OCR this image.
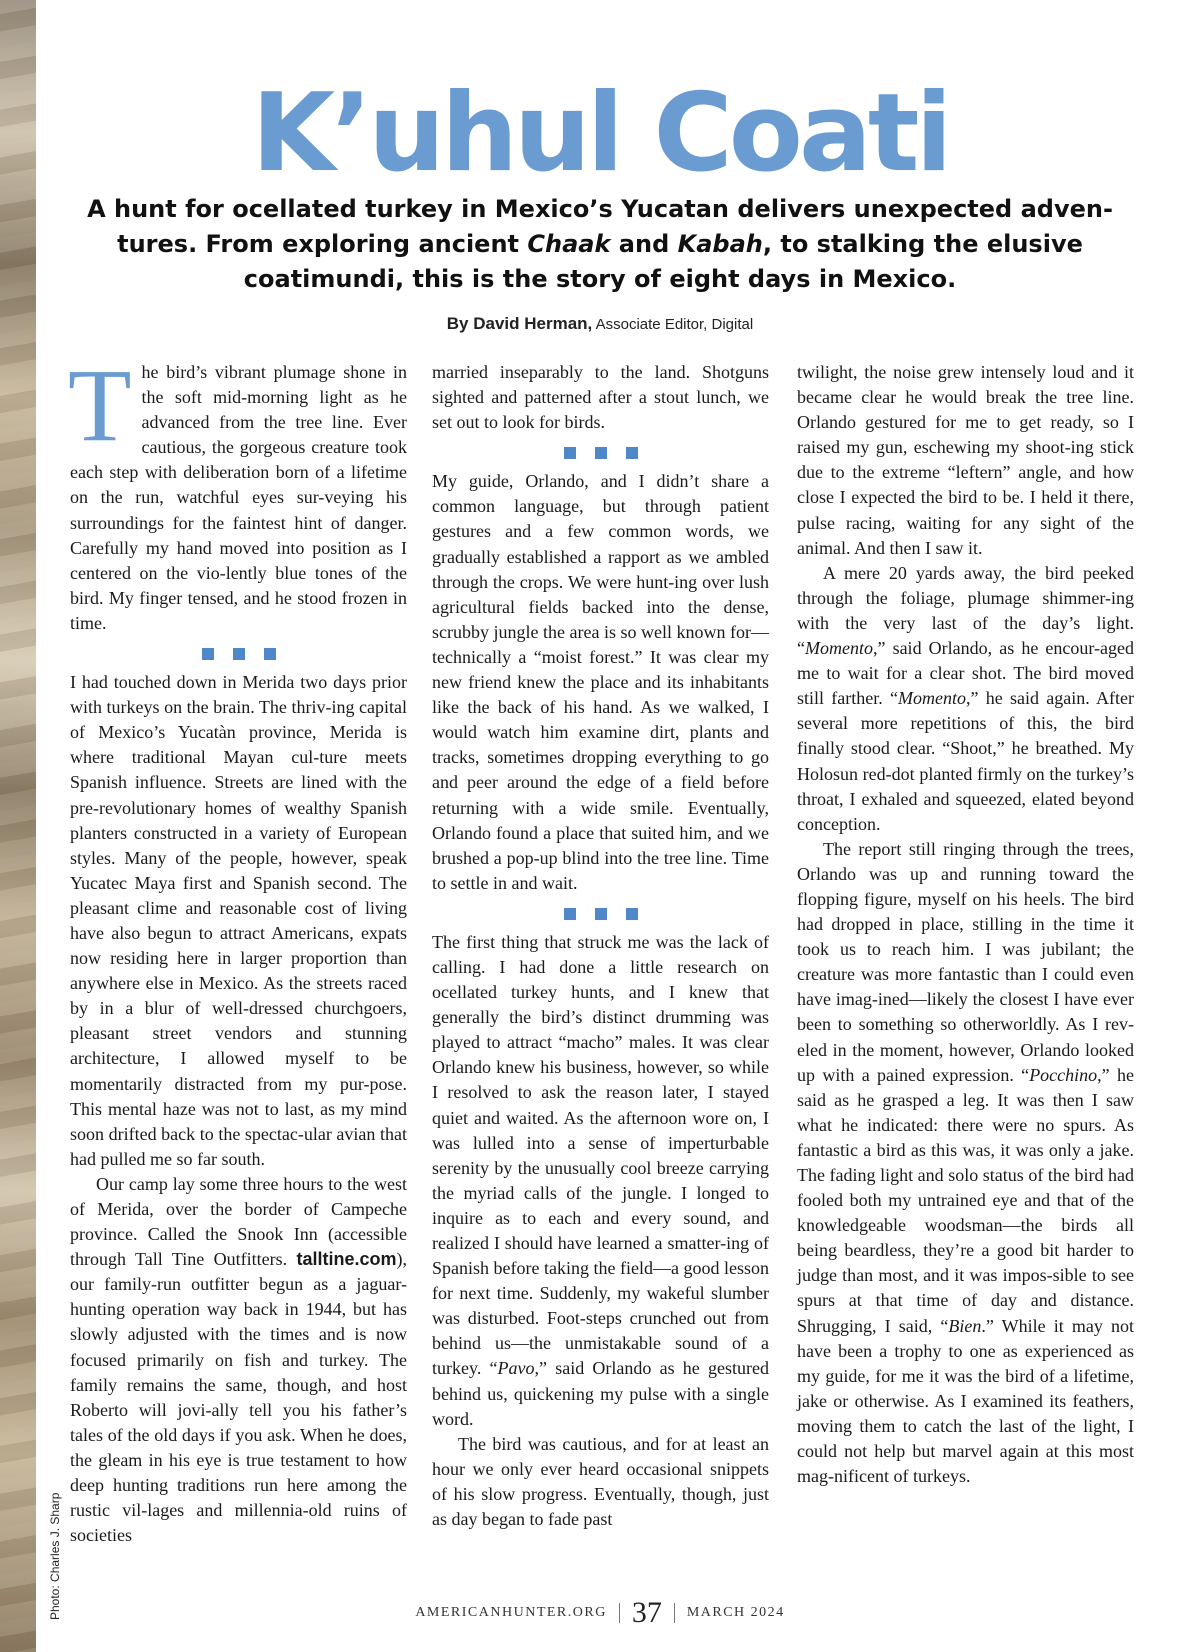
K’uhul Coati
A hunt for ocellated turkey in Mexico’s Yucatan delivers unexpected adven-tures. From exploring ancient Chaak and Kabah, to stalking the elusive coatimundi, this is the story of eight days in Mexico.
By David Herman, Associate Editor, Digital

The bird’s vibrant plumage shone in the soft mid-morning light as he advanced from the tree line. Ever cautious, the gorgeous creature took each step with deliberation born of a lifetime on the run, watchful eyes sur-veying his surroundings for the faintest hint of danger. Carefully my hand moved into position as I centered on the vio-lently blue tones of the bird. My finger tensed, and he stood frozen in time.

I had touched down in Merida two days prior with turkeys on the brain. The thriv-ing capital of Mexico’s Yucatàn province, Merida is where traditional Mayan cul-ture meets Spanish influence. Streets are lined with the pre-revolutionary homes of wealthy Spanish planters constructed in a variety of European styles. Many of the people, however, speak Yucatec Maya first and Spanish second. The pleasant clime and reasonable cost of living have also begun to attract Americans, expats now residing here in larger proportion than anywhere else in Mexico. As the streets raced by in a blur of well-dressed churchgoers, pleasant street vendors and stunning architecture, I allowed myself to be momentarily distracted from my pur-pose. This mental haze was not to last, as my mind soon drifted back to the spectac-ular avian that had pulled me so far south.

Our camp lay some three hours to the west of Merida, over the border of Campeche province. Called the Snook Inn (accessible through Tall Tine Outfitters. talltine.com), our family-run outfitter begun as a jaguar-hunting operation way back in 1944, but has slowly adjusted with the times and is now focused primarily on fish and turkey. The family remains the same, though, and host Roberto will jovi-ally tell you his father’s tales of the old days if you ask. When he does, the gleam in his eye is true testament to how deep hunting traditions run here among the rustic vil-lages and millennia-old ruins of societies

married inseparably to the land. Shotguns sighted and patterned after a stout lunch, we set out to look for birds.

My guide, Orlando, and I didn’t share a common language, but through patient gestures and a few common words, we gradually established a rapport as we ambled through the crops. We were hunt-ing over lush agricultural fields backed into the dense, scrubby jungle the area is so well known for—technically a “moist forest.” It was clear my new friend knew the place and its inhabitants like the back of his hand. As we walked, I would watch him examine dirt, plants and tracks, sometimes dropping everything to go and peer around the edge of a field before returning with a wide smile. Eventually, Orlando found a place that suited him, and we brushed a pop-up blind into the tree line. Time to settle in and wait.

The first thing that struck me was the lack of calling. I had done a little research on ocellated turkey hunts, and I knew that generally the bird’s distinct drumming was played to attract “macho” males. It was clear Orlando knew his business, however, so while I resolved to ask the reason later, I stayed quiet and waited. As the afternoon wore on, I was lulled into a sense of imperturbable serenity by the unusually cool breeze carrying the myriad calls of the jungle. I longed to inquire as to each and every sound, and realized I should have learned a smatter-ing of Spanish before taking the field—a good lesson for next time. Suddenly, my wakeful slumber was disturbed. Foot-steps crunched out from behind us—the unmistakable sound of a turkey. “Pavo,” said Orlando as he gestured behind us, quickening my pulse with a single word.

The bird was cautious, and for at least an hour we only ever heard occasional snippets of his slow progress. Eventually, though, just as day began to fade past

twilight, the noise grew intensely loud and it became clear he would break the tree line. Orlando gestured for me to get ready, so I raised my gun, eschewing my shoot-ing stick due to the extreme “leftern” angle, and how close I expected the bird to be. I held it there, pulse racing, waiting for any sight of the animal. And then I saw it.

A mere 20 yards away, the bird peeked through the foliage, plumage shimmer-ing with the very last of the day’s light. “Momento,” said Orlando, as he encour-aged me to wait for a clear shot. The bird moved still farther. “Momento,” he said again. After several more repetitions of this, the bird finally stood clear. “Shoot,” he breathed. My Holosun red-dot planted firmly on the turkey’s throat, I exhaled and squeezed, elated beyond conception.

The report still ringing through the trees, Orlando was up and running toward the flopping figure, myself on his heels. The bird had dropped in place, stilling in the time it took us to reach him. I was jubilant; the creature was more fantastic than I could even have imag-ined—likely the closest I have ever been to something so otherworldly. As I rev-eled in the moment, however, Orlando looked up with a pained expression. “Pocchino,” he said as he grasped a leg. It was then I saw what he indicated: there were no spurs. As fantastic a bird as this was, it was only a jake. The fading light and solo status of the bird had fooled both my untrained eye and that of the knowledgeable woodsman—the birds all being beardless, they’re a good bit harder to judge than most, and it was impos-sible to see spurs at that time of day and distance. Shrugging, I said, “Bien.” While it may not have been a trophy to one as experienced as my guide, for me it was the bird of a lifetime, jake or otherwise. As I examined its feathers, moving them to catch the last of the light, I could not help but marvel again at this most mag-nificent of turkeys.

Photo: Charles J. Sharp	AMERICANHUNTER.ORG 37 MARCH 2024
